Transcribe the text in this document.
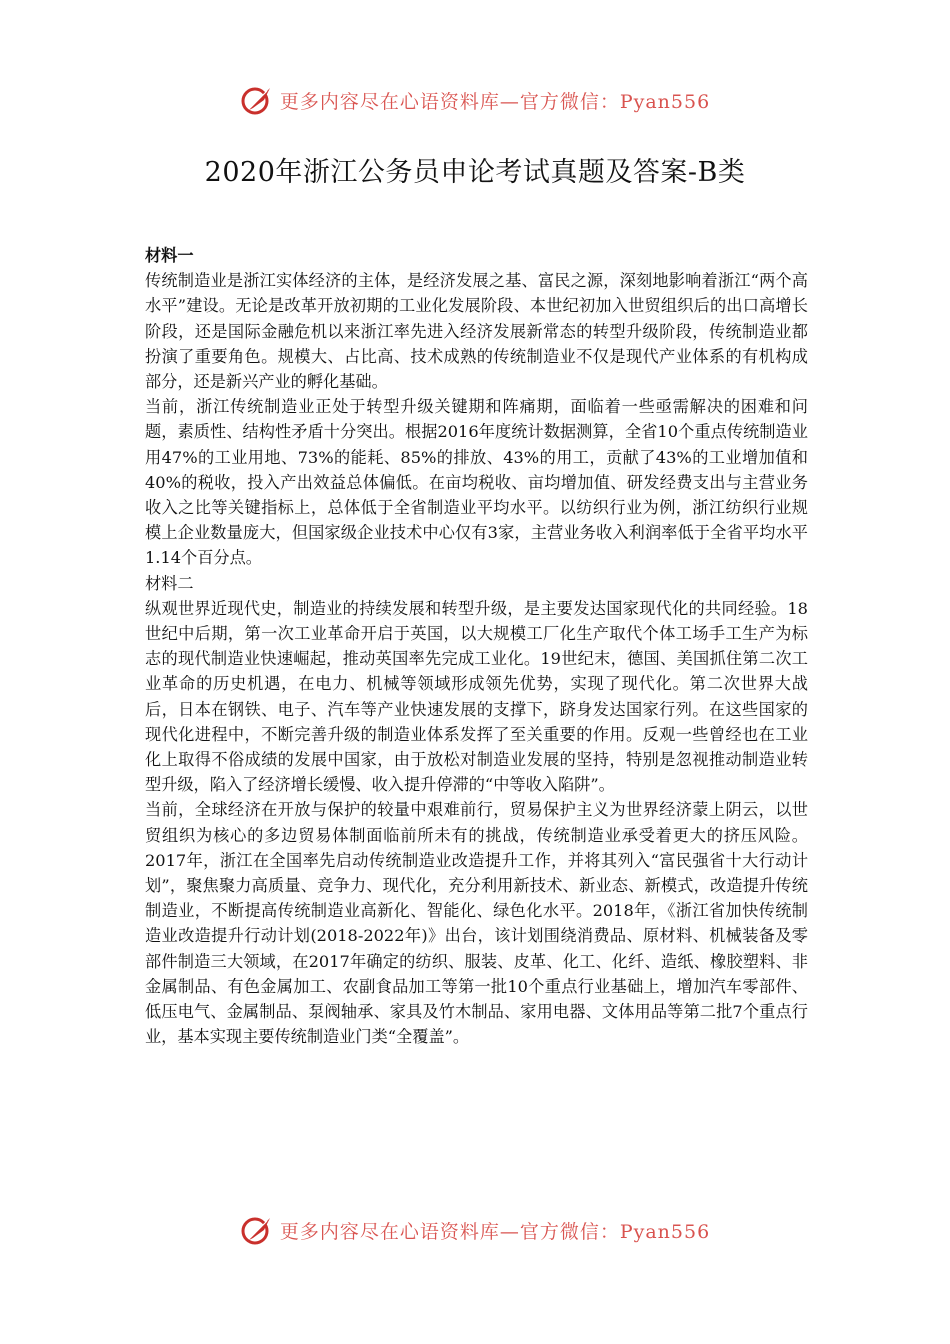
更多内容尽在心语资料库—官方微信：Pyan556
2020年浙江公务员申论考试真题及答案-B类

材料一

传统制造业是浙江实体经济的主体，是经济发展之基、富民之源，深刻地影响着浙江“两个高水平”建设。无论是改革开放初期的工业化发展阶段、本世纪初加入世贸组织后的出口高增长阶段，还是国际金融危机以来浙江率先进入经济发展新常态的转型升级阶段，传统制造业都扮演了重要角色。规模大、占比高、技术成熟的传统制造业不仅是现代产业体系的有机构成部分，还是新兴产业的孵化基础。

当前，浙江传统制造业正处于转型升级关键期和阵痛期，面临着一些亟需解决的困难和问题，素质性、结构性矛盾十分突出。根据2016年度统计数据测算，全省10个重点传统制造业用47%的工业用地、73%的能耗、85%的排放、43%的用工，贡献了43%的工业增加值和40%的税收，投入产出效益总体偏低。在亩均税收、亩均增加值、研发经费支出与主营业务收入之比等关键指标上，总体低于全省制造业平均水平。以纺织行业为例，浙江纺织行业规模上企业数量庞大，但国家级企业技术中心仅有3家，主营业务收入利润率低于全省平均水平1.14个百分点。

材料二

纵观世界近现代史，制造业的持续发展和转型升级，是主要发达国家现代化的共同经验。18世纪中后期，第一次工业革命开启于英国，以大规模工厂化生产取代个体工场手工生产为标志的现代制造业快速崛起，推动英国率先完成工业化。19世纪末，德国、美国抓住第二次工业革命的历史机遇，在电力、机械等领域形成领先优势，实现了现代化。第二次世界大战后，日本在钢铁、电子、汽车等产业快速发展的支撑下，跻身发达国家行列。在这些国家的现代化进程中，不断完善升级的制造业体系发挥了至关重要的作用。反观一些曾经也在工业化上取得不俗成绩的发展中国家，由于放松对制造业发展的坚持，特别是忽视推动制造业转型升级，陷入了经济增长缓慢、收入提升停滞的“中等收入陷阱”。

当前，全球经济在开放与保护的较量中艰难前行，贸易保护主义为世界经济蒙上阴云，以世贸组织为核心的多边贸易体制面临前所未有的挑战，传统制造业承受着更大的挤压风险。2017年，浙江在全国率先启动传统制造业改造提升工作，并将其列入“富民强省十大行动计划”，聚焦聚力高质量、竞争力、现代化，充分利用新技术、新业态、新模式，改造提升传统制造业，不断提高传统制造业高新化、智能化、绿色化水平。2018年，《浙江省加快传统制造业改造提升行动计划(2018-2022年)》出台，该计划围绕消费品、原材料、机械装备及零部件制造三大领域，在2017年确定的纺织、服装、皮革、化工、化纤、造纸、橡胶塑料、非金属制品、有色金属加工、农副食品加工等第一批10个重点行业基础上，增加汽车零部件、低压电气、金属制品、泵阀轴承、家具及竹木制品、家用电器、文体用品等第二批7个重点行业，基本实现主要传统制造业门类“全覆盖”。

更多内容尽在心语资料库—官方微信：Pyan556
